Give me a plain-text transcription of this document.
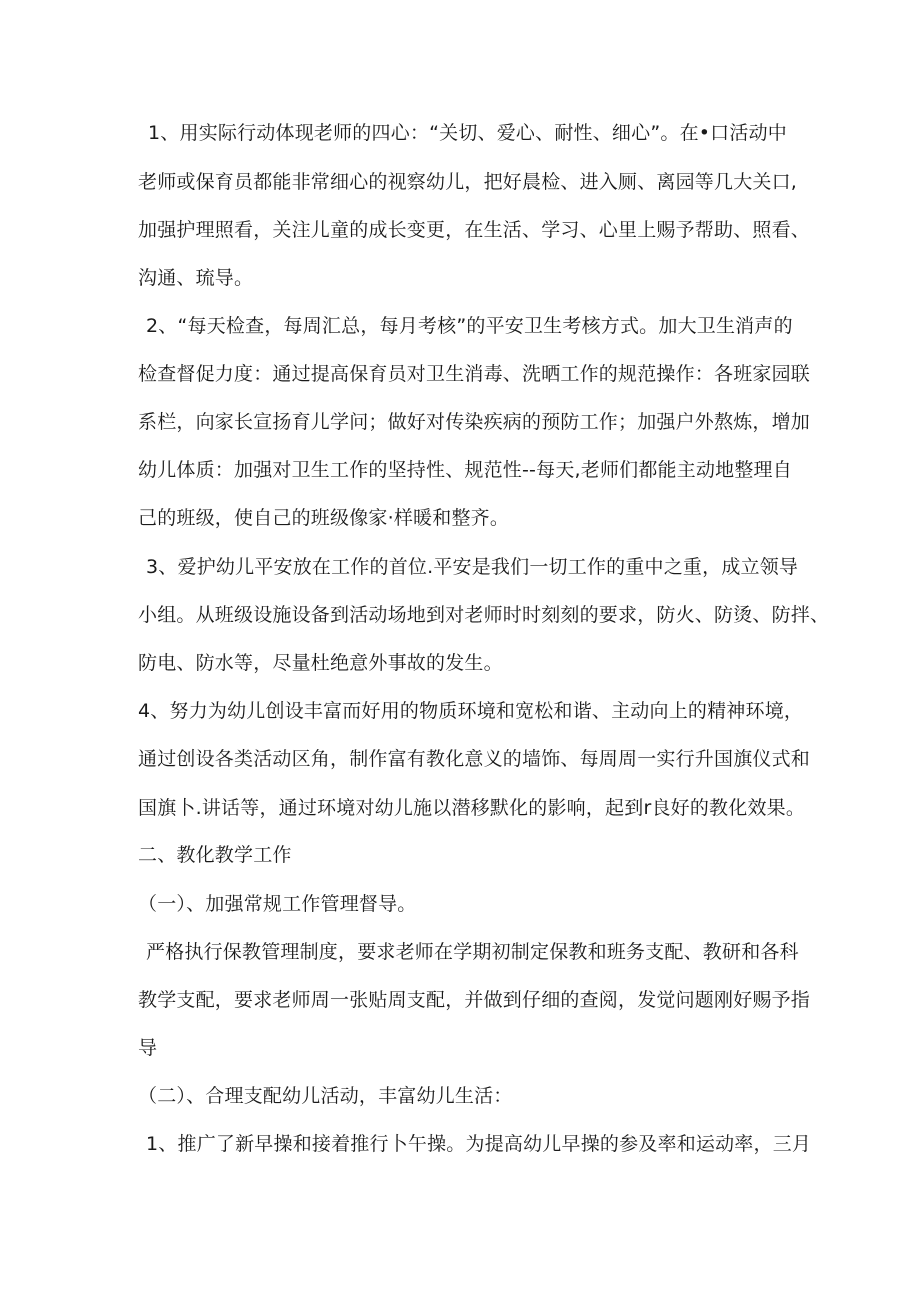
1、用实际行动体现老师的四心：“关切、爱心、耐性、细心”。在•口活动中
老师或保育员都能非常细心的视察幼儿，把好晨检、进入厕、离园等几大关口,
加强护理照看，关注儿童的成长变更，在生活、学习、心里上赐予帮助、照看、
沟通、琉导。
2、“每天检查，每周汇总，每月考核”的平安卫生考核方式。加大卫生消声的
检查督促力度：通过提高保育员对卫生消毒、洗晒工作的规范操作：各班家园联
系栏，向家长宣扬育儿学问；做好对传染疾病的预防工作；加强户外熬炼，增加
幼儿体质：加强对卫生工作的坚持性、规范性--每天,老师们都能主动地整理自
己的班级，使自己的班级像家·样暖和整齐。
3、爱护幼儿平安放在工作的首位.平安是我们一切工作的重中之重，成立领导
小组。从班级设施设备到活动场地到对老师时时刻刻的要求，防火、防烫、防拌、
防电、防水等，尽量杜绝意外事故的发生。
4、努力为幼儿创设丰富而好用的物质环境和宽松和谐、主动向上的精神环境，
通过创设各类活动区角，制作富有教化意义的墙饰、每周周一实行升国旗仪式和
国旗卜.讲话等，通过环境对幼儿施以潜移默化的影响，起到r良好的教化效果。
二、教化教学工作
（一）、加强常规工作管理督导。
严格执行保教管理制度，要求老师在学期初制定保教和班务支配、教研和各科
教学支配，要求老师周一张贴周支配，并做到仔细的查阅，发觉问题刚好赐予指
导
（二）、合理支配幼儿活动，丰富幼儿生活：
1、推广了新早操和接着推行卜午操。为提高幼儿早操的参及率和运动率，三月
